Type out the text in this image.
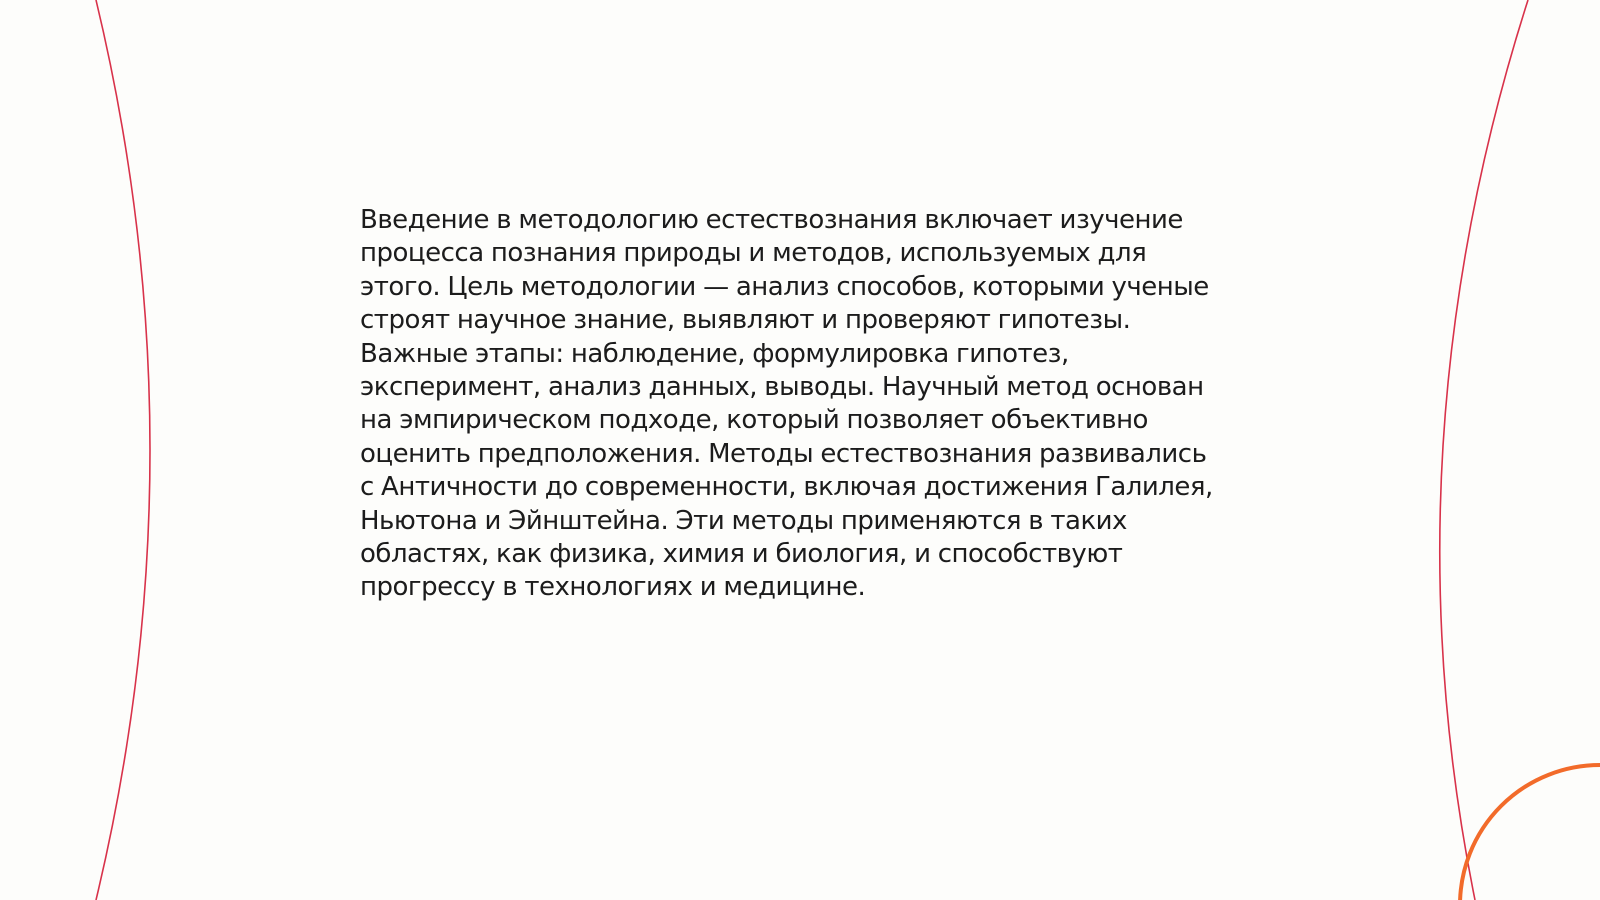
Введение в методологию естествознания включает изучение
процесса познания природы и методов, используемых для
этого. Цель методологии — анализ способов, которыми ученые
строят научное знание, выявляют и проверяют гипотезы.
Важные этапы: наблюдение, формулировка гипотез,
эксперимент, анализ данных, выводы. Научный метод основан
на эмпирическом подходе, который позволяет объективно
оценить предположения. Методы естествознания развивались
с Античности до современности, включая достижения Галилея,
Ньютона и Эйнштейна. Эти методы применяются в таких
областях, как физика, химия и биология, и способствуют
прогрессу в технологиях и медицине.
